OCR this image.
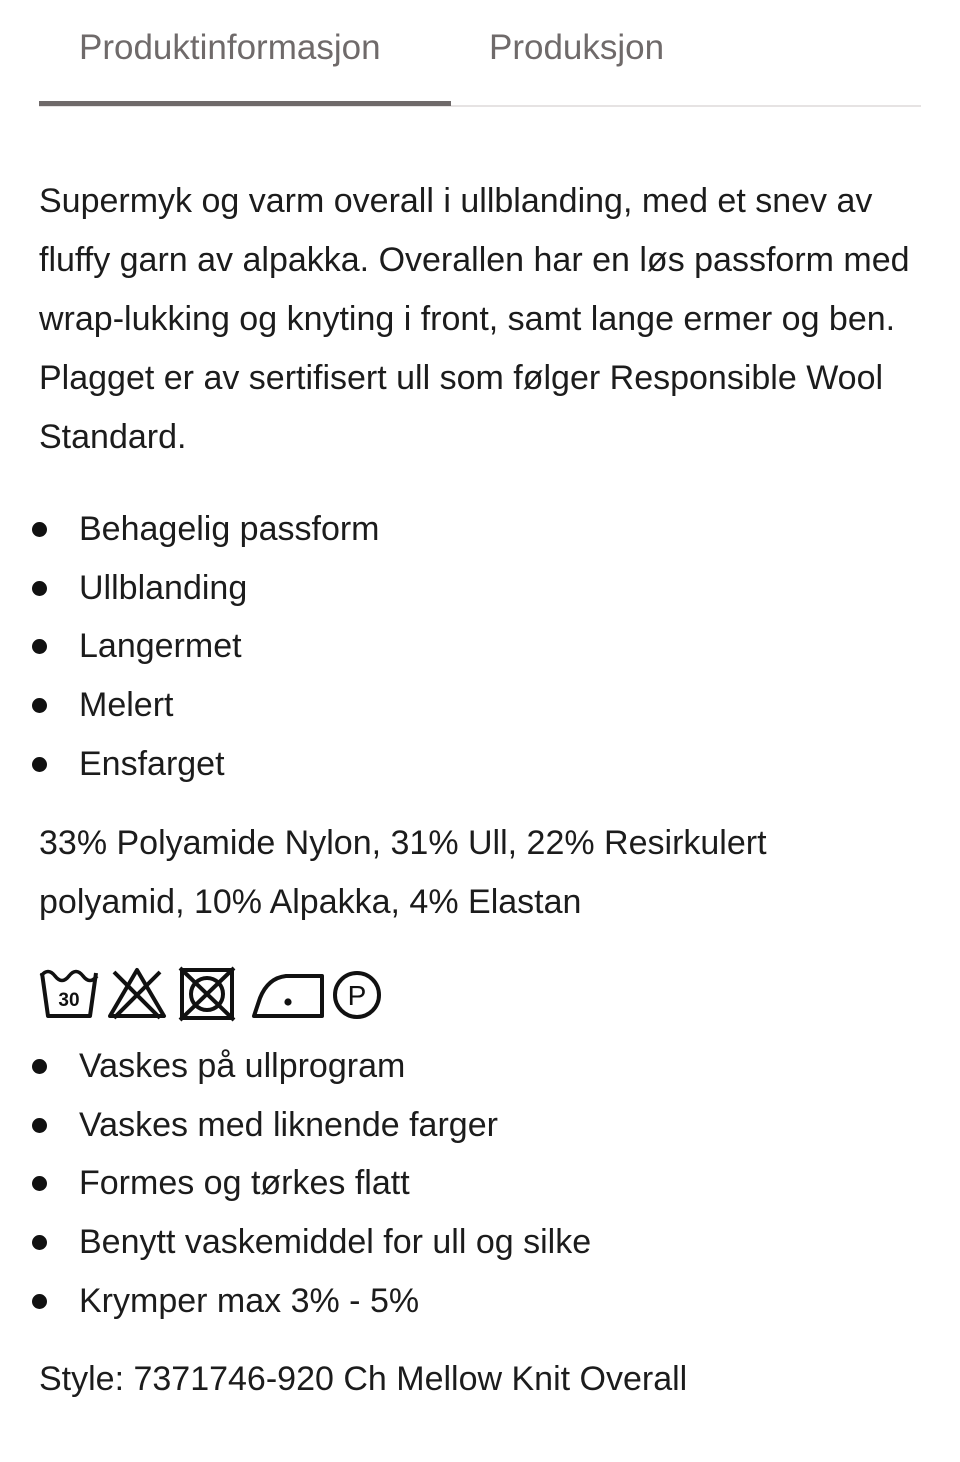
Produktinformasjon	Produksjon

Supermyk og varm overall i ullblanding, med et snev av fluffy garn av alpakka. Overallen har en løs passform med wrap-lukking og knyting i front, samt lange ermer og ben. Plagget er av sertifisert ull som følger Responsible Wool Standard.

Behagelig passform
Ullblanding
Langermet
Melert
Ensfarget

33% Polyamide Nylon, 31% Ull, 22% Resirkulert polyamid, 10% Alpakka, 4% Elastan

30	P
Vaskes på ullprogram
Vaskes med liknende farger
Formes og tørkes flatt
Benytt vaskemiddel for ull og silke
Krymper max 3% - 5%

Style: 7371746-920 Ch Mellow Knit Overall
